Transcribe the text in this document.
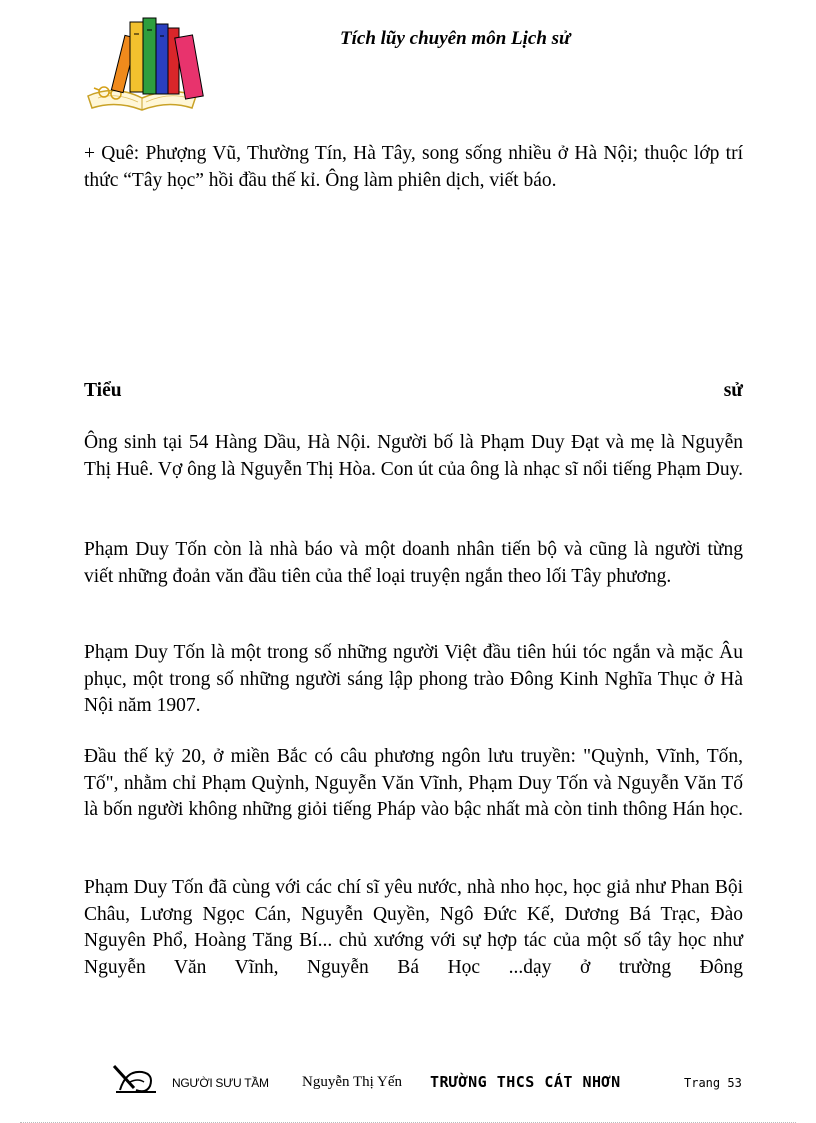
Tích lũy chuyên môn Lịch sử

+ Quê: Phượng Vũ, Thường Tín, Hà Tây, song sống nhiều ở Hà Nội; thuộc lớp trí thức “Tây học” hồi đầu thế kỉ. Ông làm phiên dịch, viết báo.

Tiểu	sử

Ông sinh tại 54 Hàng Dầu, Hà Nội. Người bố là Phạm Duy Đạt và mẹ là Nguyễn Thị Huê. Vợ ông là Nguyễn Thị Hòa. Con út của ông là nhạc sĩ nổi tiếng Phạm Duy.

Phạm Duy Tốn còn là nhà báo và một doanh nhân tiến bộ và cũng là người từng viết những đoản văn đầu tiên của thể loại truyện ngắn theo lối Tây phương.

Phạm Duy Tốn là một trong số những người Việt đầu tiên húi tóc ngắn và mặc Âu phục, một trong số những người sáng lập phong trào Đông Kinh Nghĩa Thục ở Hà Nội năm 1907.

Đầu thế kỷ 20, ở miền Bắc có câu phương ngôn lưu truyền: "Quỳnh, Vĩnh, Tốn, Tố", nhằm chỉ Phạm Quỳnh, Nguyễn Văn Vĩnh, Phạm Duy Tốn và Nguyễn Văn Tố là bốn người không những giỏi tiếng Pháp vào bậc nhất mà còn tinh thông Hán học.

Phạm Duy Tốn đã cùng với các chí sĩ yêu nước, nhà nho học, học giả như Phan Bội Châu, Lương Ngọc Cán, Nguyễn Quyền, Ngô Đức Kế, Dương Bá Trạc, Đào Nguyên Phổ, Hoàng Tăng Bí... chủ xướng với sự hợp tác của một số tây học như Nguyễn Văn Vĩnh, Nguyễn Bá Học ...dạy ở trường Đông

NGƯỜI SƯU TẦM Nguyễn Thị Yến TRƯỜNG THCS CÁT NHƠN	Trang 53
